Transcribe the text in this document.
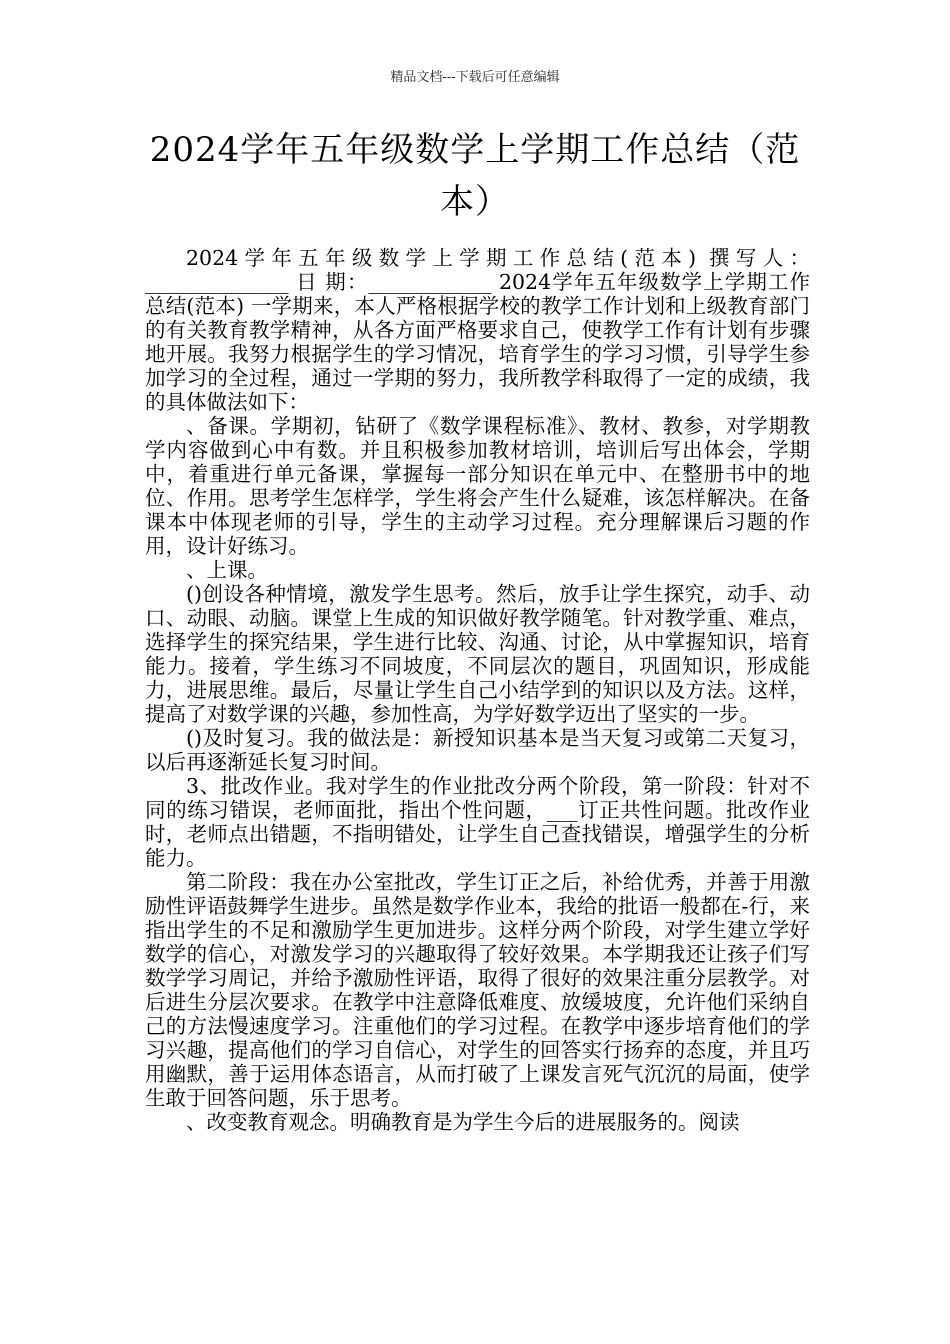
精品文档---下载后可任意编辑
2024学年五年级数学上学期工作总结（范本）

2024学年五年级数学上学期工作总结(范本) 撰写人：______________ 日 期：____________ 2024学年五年级数学上学期工作总结(范本) 一学期来，本人严格根据学校的教学工作计划和上级教育部门的有关教育教学精神，从各方面严格要求自己，使教学工作有计划有步骤地开展。我努力根据学生的学习情况，培育学生的学习习惯，引导学生参加学习的全过程，通过一学期的努力，我所教学科取得了一定的成绩，我的具体做法如下：

、备课。学期初，钻研了《数学课程标准》、教材、教参，对学期教学内容做到心中有数。并且积极参加教材培训，培训后写出体会，学期中，着重进行单元备课，掌握每一部分知识在单元中、在整册书中的地位、作用。思考学生怎样学，学生将会产生什么疑难，该怎样解决。在备课本中体现老师的引导，学生的主动学习过程。充分理解课后习题的作用，设计好练习。

、上课。

()创设各种情境，激发学生思考。然后，放手让学生探究，动手、动口、动眼、动脑。课堂上生成的知识做好教学随笔。针对教学重、难点，选择学生的探究结果，学生进行比较、沟通、讨论，从中掌握知识，培育能力。接着，学生练习不同坡度，不同层次的题目，巩固知识，形成能力，进展思维。最后，尽量让学生自己小结学到的知识以及方法。这样，提高了对数学课的兴趣，参加性高，为学好数学迈出了坚实的一步。

()及时复习。我的做法是：新授知识基本是当天复习或第二天复习，以后再逐渐延长复习时间。

3、批改作业。我对学生的作业批改分两个阶段，第一阶段：针对不同的练习错误，老师面批，指出个性问题，___订正共性问题。批改作业时，老师点出错题，不指明错处，让学生自己查找错误，增强学生的分析能力。

第二阶段：我在办公室批改，学生订正之后，补给优秀，并善于用激励性评语鼓舞学生进步。虽然是数学作业本，我给的批语一般都在-行，来指出学生的不足和激励学生更加进步。这样分两个阶段，对学生建立学好数学的信心，对激发学习的兴趣取得了较好效果。本学期我还让孩子们写数学学习周记，并给予激励性评语，取得了很好的效果注重分层教学。对后进生分层次要求。在教学中注意降低难度、放缓坡度，允许他们采纳自己的方法慢速度学习。注重他们的学习过程。在教学中逐步培育他们的学习兴趣，提高他们的学习自信心，对学生的回答实行扬弃的态度，并且巧用幽默，善于运用体态语言，从而打破了上课发言死气沉沉的局面，使学生敢于回答问题，乐于思考。

、改变教育观念。明确教育是为学生今后的进展服务的。阅读
